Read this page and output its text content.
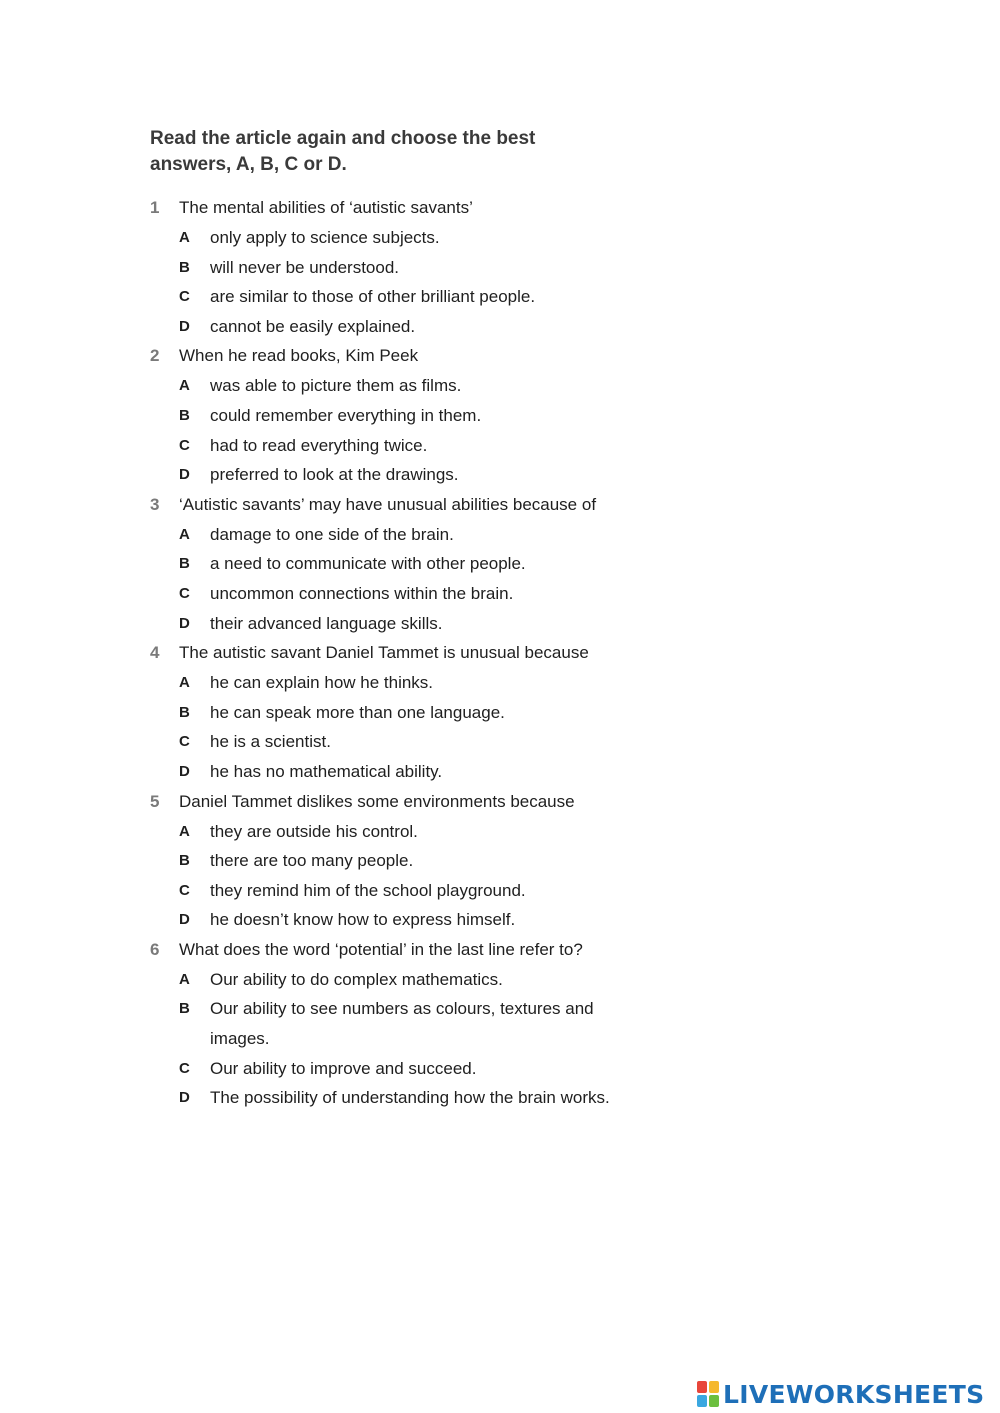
Read the article again and choose the best
answers, A, B, C or D.
1	The mental abilities of ‘autistic savants’
A	only apply to science subjects.
B	will never be understood.
C	are similar to those of other brilliant people.
D	cannot be easily explained.
2	When he read books, Kim Peek
A	was able to picture them as films.
B	could remember everything in them.
C	had to read everything twice.
D	preferred to look at the drawings.
3	‘Autistic savants’ may have unusual abilities because of
A	damage to one side of the brain.
B	a need to communicate with other people.
C	uncommon connections within the brain.
D	their advanced language skills.
4	The autistic savant Daniel Tammet is unusual because
A	he can explain how he thinks.
B	he can speak more than one language.
C	he is a scientist.
D	he has no mathematical ability.
5	Daniel Tammet dislikes some environments because
A	they are outside his control.
B	there are too many people.
C	they remind him of the school playground.
D	he doesn’t know how to express himself.
6	What does the word ‘potential’ in the last line refer to?
A	Our ability to do complex mathematics.
B	Our ability to see numbers as colours, textures and images.
C	Our ability to improve and succeed.
D	The possibility of understanding how the brain works.
LIVEWORKSHEETS
